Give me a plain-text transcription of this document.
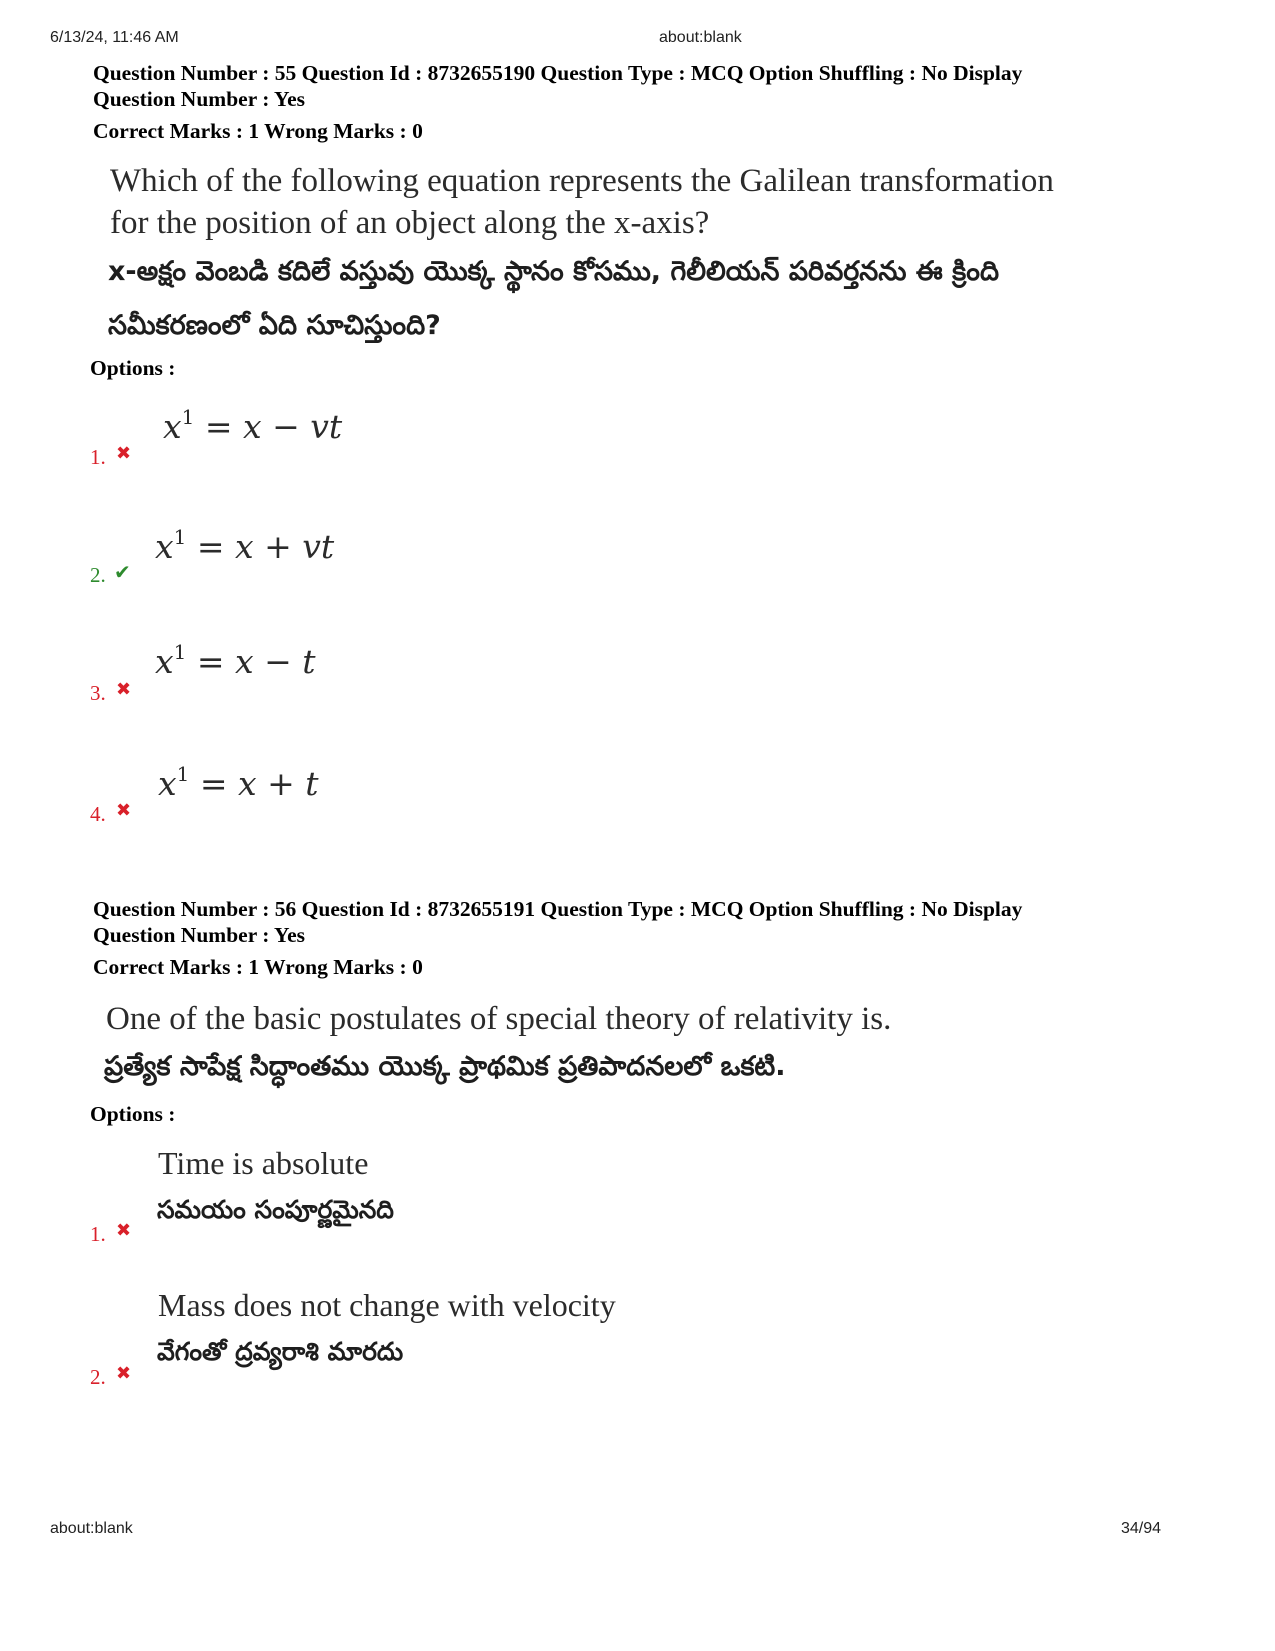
6/13/24, 11:46 AM	about:blank
Question Number : 55 Question Id : 8732655190 Question Type : MCQ Option Shuffling : No Display
Question Number : Yes
Correct Marks : 1 Wrong Marks : 0
Which of the following equation represents the Galilean transformation
for the position of an object along the x-axis?
x-అక్షం వెంబడి కదిలే వస్తువు యొక్క స్థానం కోసము, గెలీలియన్ పరివర్తనను ఈ క్రింది
సమీకరణంలో ఏది సూచిస్తుంది?
Options :
$x^1 = x$ − vt
1. ✖
$x^1 = x$ + vt
2. ✔
$x^1 = x - t$
3. ✖
$x^1 = x + t$
4. ✖
Question Number : 56 Question Id : 8732655191 Question Type : MCQ Option Shuffling : No Display
Question Number : Yes
Correct Marks : 1 Wrong Marks : 0
One of the basic postulates of special theory of relativity is.
ప్రత్యేక సాపేక్ష సిద్ధాంతము యొక్క ప్రాథమిక ప్రతిపాదనలలో ఒకటి.
Options :
Time is absolute
సమయం సంపూర్ణమైనది
1. ✖
Mass does not change with velocity
వేగంతో ద్రవ్యరాశి మారదు
2. ✖
about:blank	34/94
